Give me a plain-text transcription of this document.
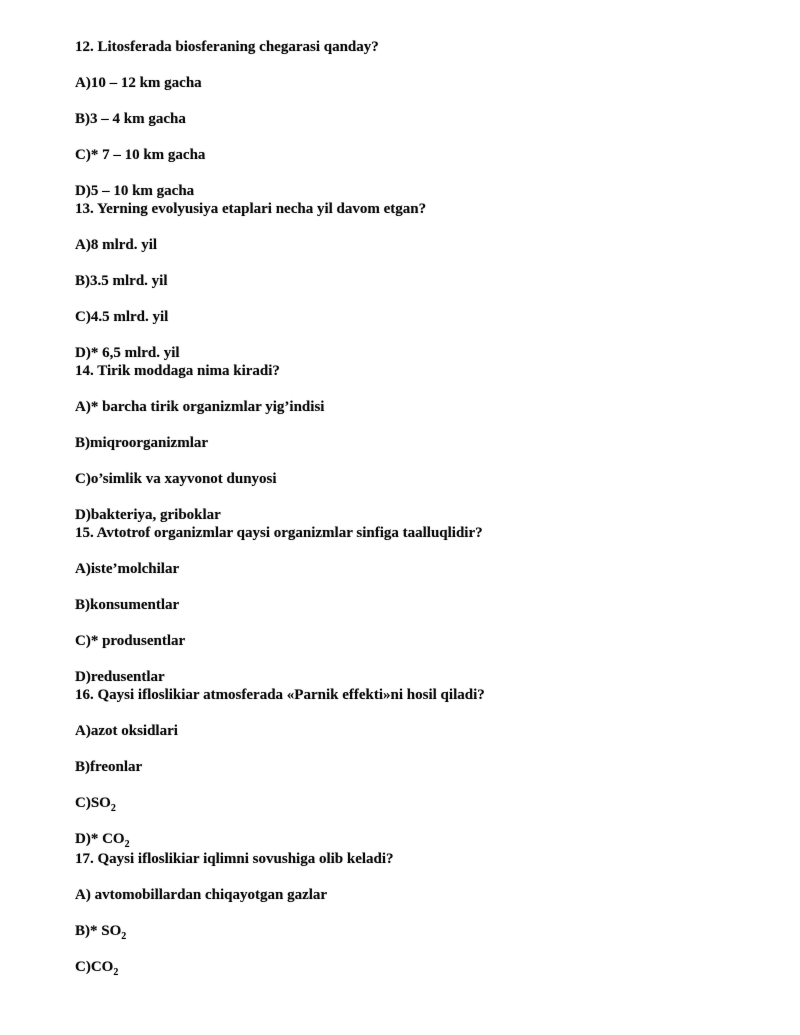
12. Litosferada biosferaning chegarasi qanday?
A)10 – 12 km gacha
B)3 – 4 km gacha
C)* 7 – 10 km gacha
D)5 – 10 km gacha
13. Yerning evolyusiya etaplari necha yil davom etgan?
A)8 mlrd. yil
B)3.5 mlrd. yil
C)4.5 mlrd. yil
D)* 6,5 mlrd. yil
14. Tirik moddaga nima kiradi?
A)* barcha tirik organizmlar yig’indisi
B)miqroorganizmlar
C)o’simlik va xayvonot dunyosi
D)bakteriya, griboklar
15. Avtotrof organizmlar qaysi organizmlar sinfiga taalluqlidir?
A)iste’molchilar
B)konsumentlar
C)* produsentlar
D)redusentlar
16. Qaysi ifloslikiar atmosferada «Parnik effekti»ni hosil qiladi?
A)azot oksidlari
B)freonlar
$C)SO_2$
D)* $CO_2$
17. Qaysi ifloslikiar iqlimni sovushiga olib keladi?
A) avtomobillardan chiqayotgan gazlar
B)* $SO_2$
$C)CO_2$
